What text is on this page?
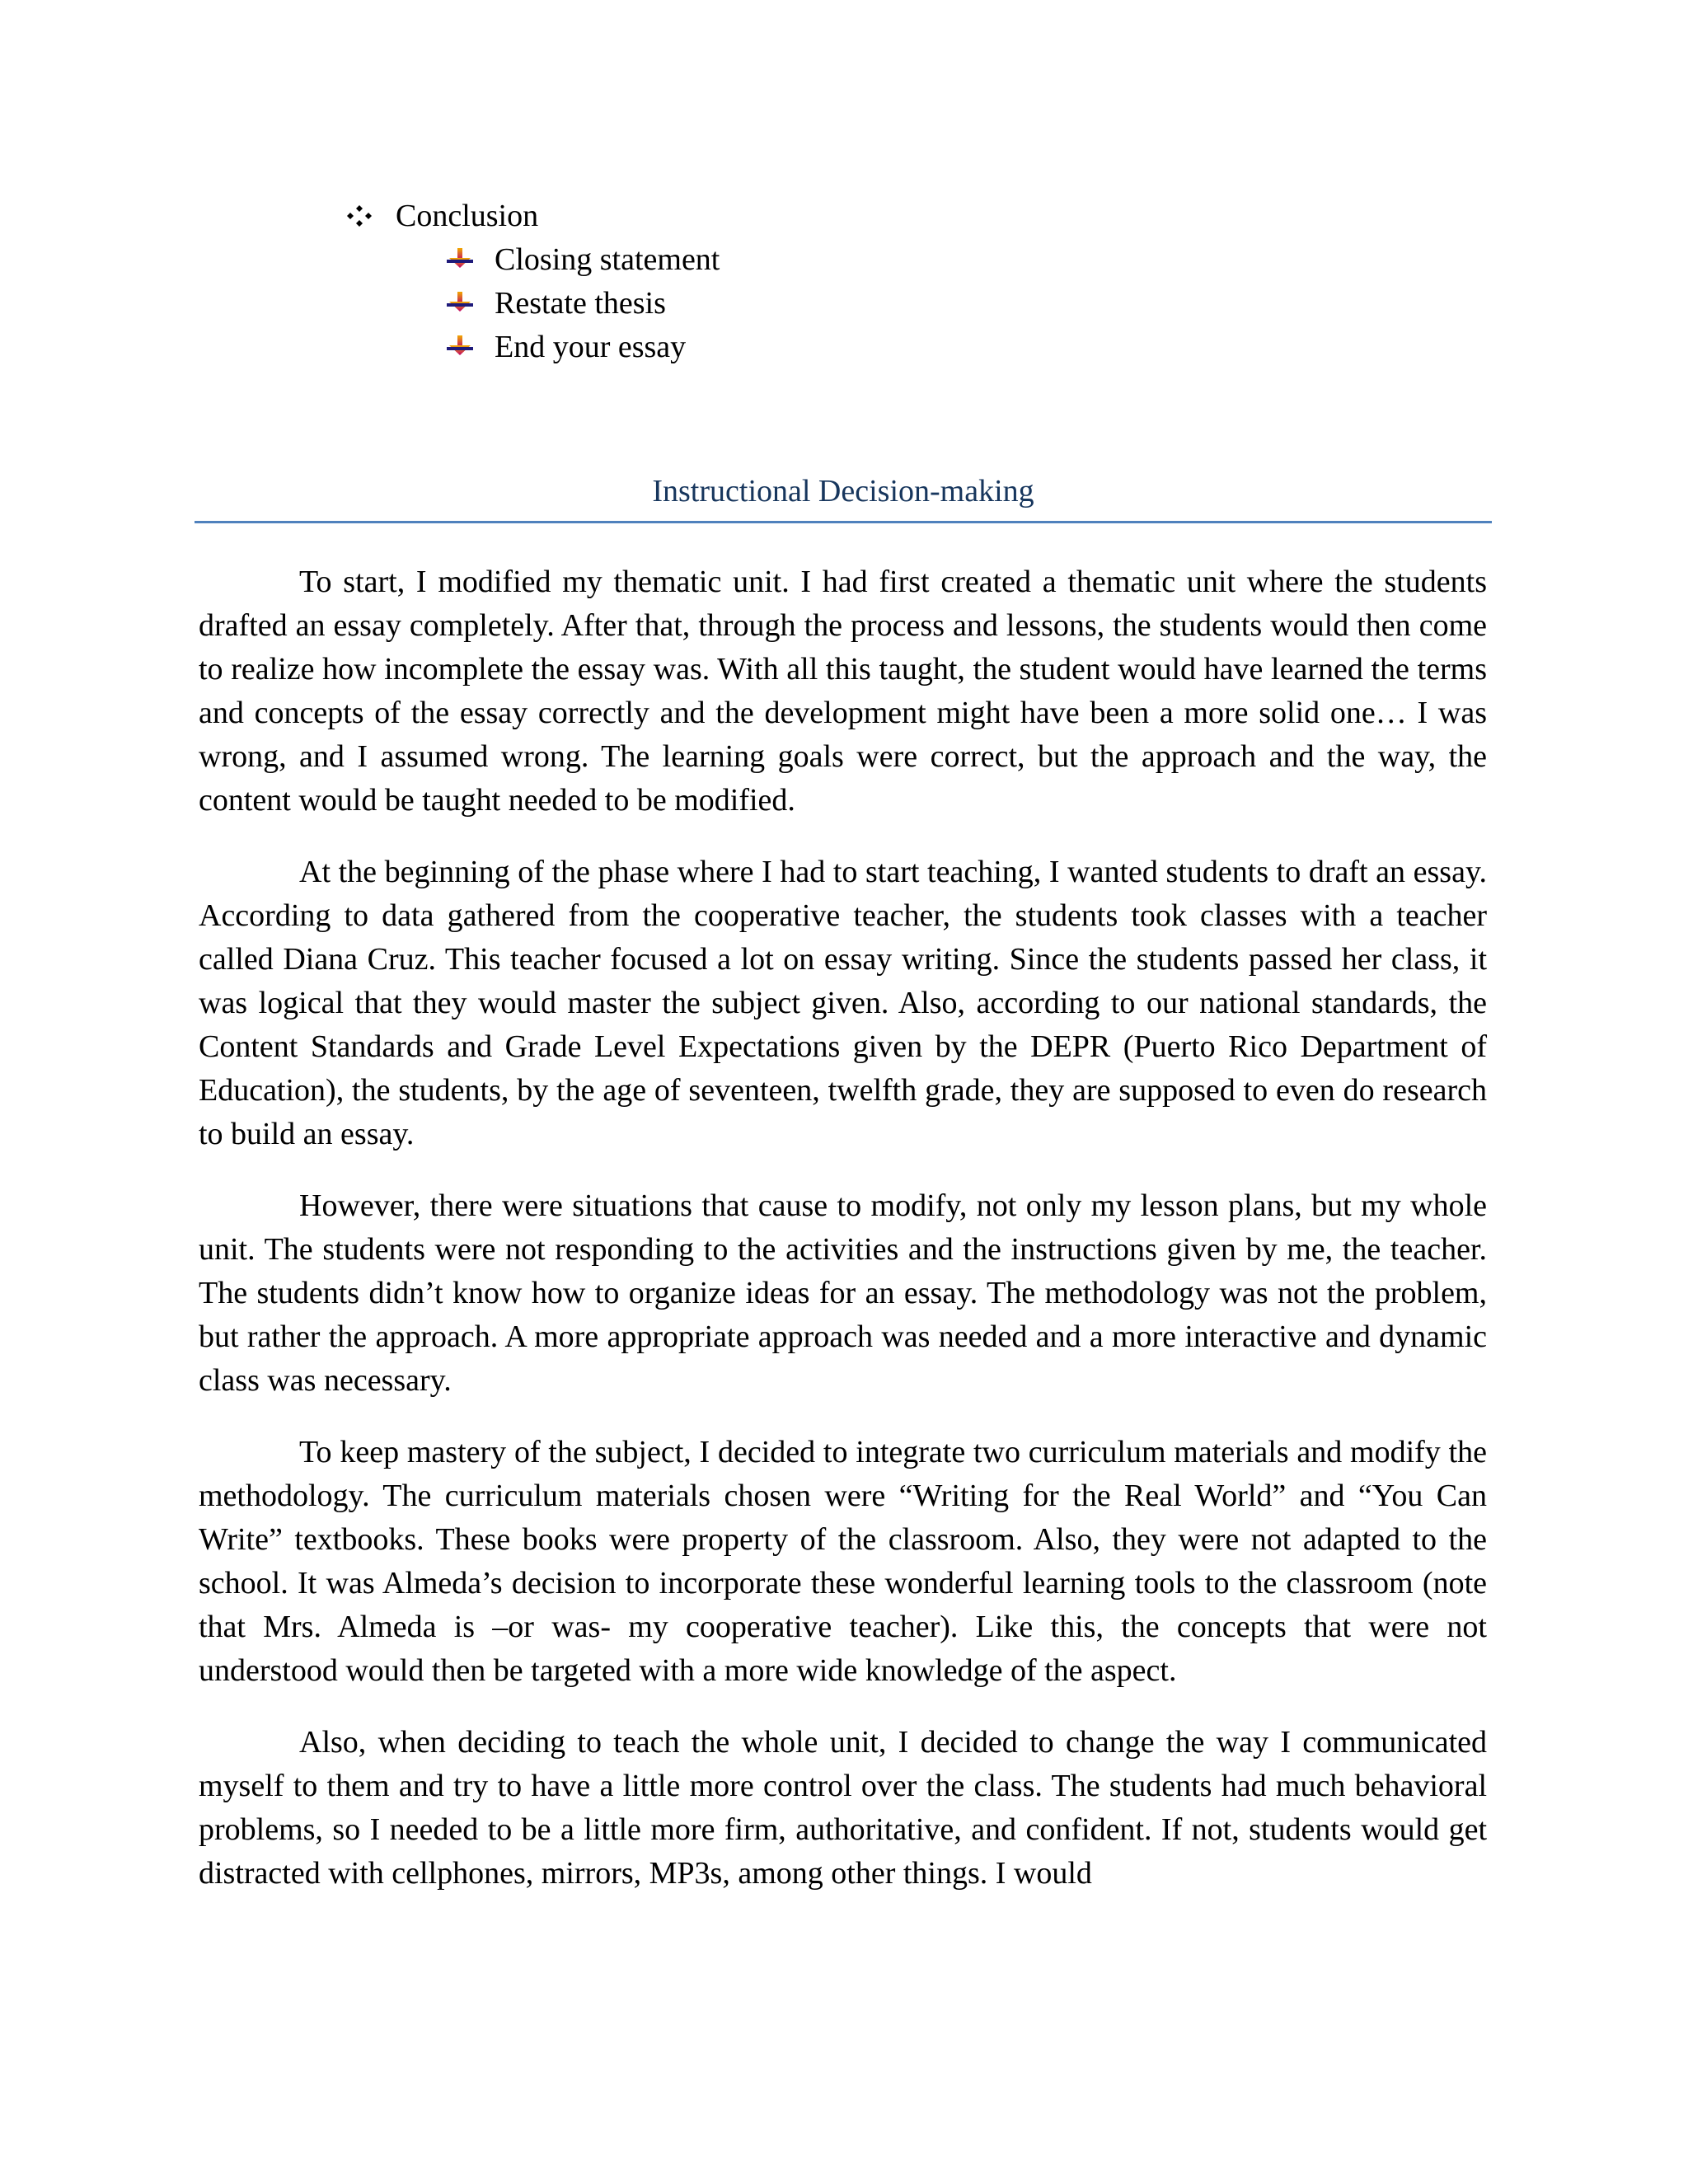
Conclusion
Closing statement
Restate thesis
End your essay
Instructional Decision-making

To start, I modified my thematic unit. I had first created a thematic unit where the students drafted an essay completely. After that, through the process and lessons, the students would then come to realize how incomplete the essay was. With all this taught, the student would have learned the terms and concepts of the essay correctly and the development might have been a more solid one… I was wrong, and I assumed wrong. The learning goals were correct, but the approach and the way, the content would be taught needed to be modified.

At the beginning of the phase where I had to start teaching, I wanted students to draft an essay. According to data gathered from the cooperative teacher, the students took classes with a teacher called Diana Cruz. This teacher focused a lot on essay writing. Since the students passed her class, it was logical that they would master the subject given. Also, according to our national standards, the Content Standards and Grade Level Expectations given by the DEPR (Puerto Rico Department of Education), the students, by the age of seventeen, twelfth grade, they are supposed to even do research to build an essay.

However, there were situations that cause to modify, not only my lesson plans, but my whole unit. The students were not responding to the activities and the instructions given by me, the teacher. The students didn’t know how to organize ideas for an essay. The methodology was not the problem, but rather the approach. A more appropriate approach was needed and a more interactive and dynamic class was necessary.

To keep mastery of the subject, I decided to integrate two curriculum materials and modify the methodology. The curriculum materials chosen were “Writing for the Real World” and “You Can Write” textbooks. These books were property of the classroom. Also, they were not adapted to the school. It was Almeda’s decision to incorporate these wonderful learning tools to the classroom (note that Mrs. Almeda is –or was- my cooperative teacher). Like this, the concepts that were not understood would then be targeted with a more wide knowledge of the aspect.

Also, when deciding to teach the whole unit, I decided to change the way I communicated myself to them and try to have a little more control over the class. The students had much behavioral problems, so I needed to be a little more firm, authoritative, and confident. If not, students would get distracted with cellphones, mirrors, MP3s, among other things. I would
